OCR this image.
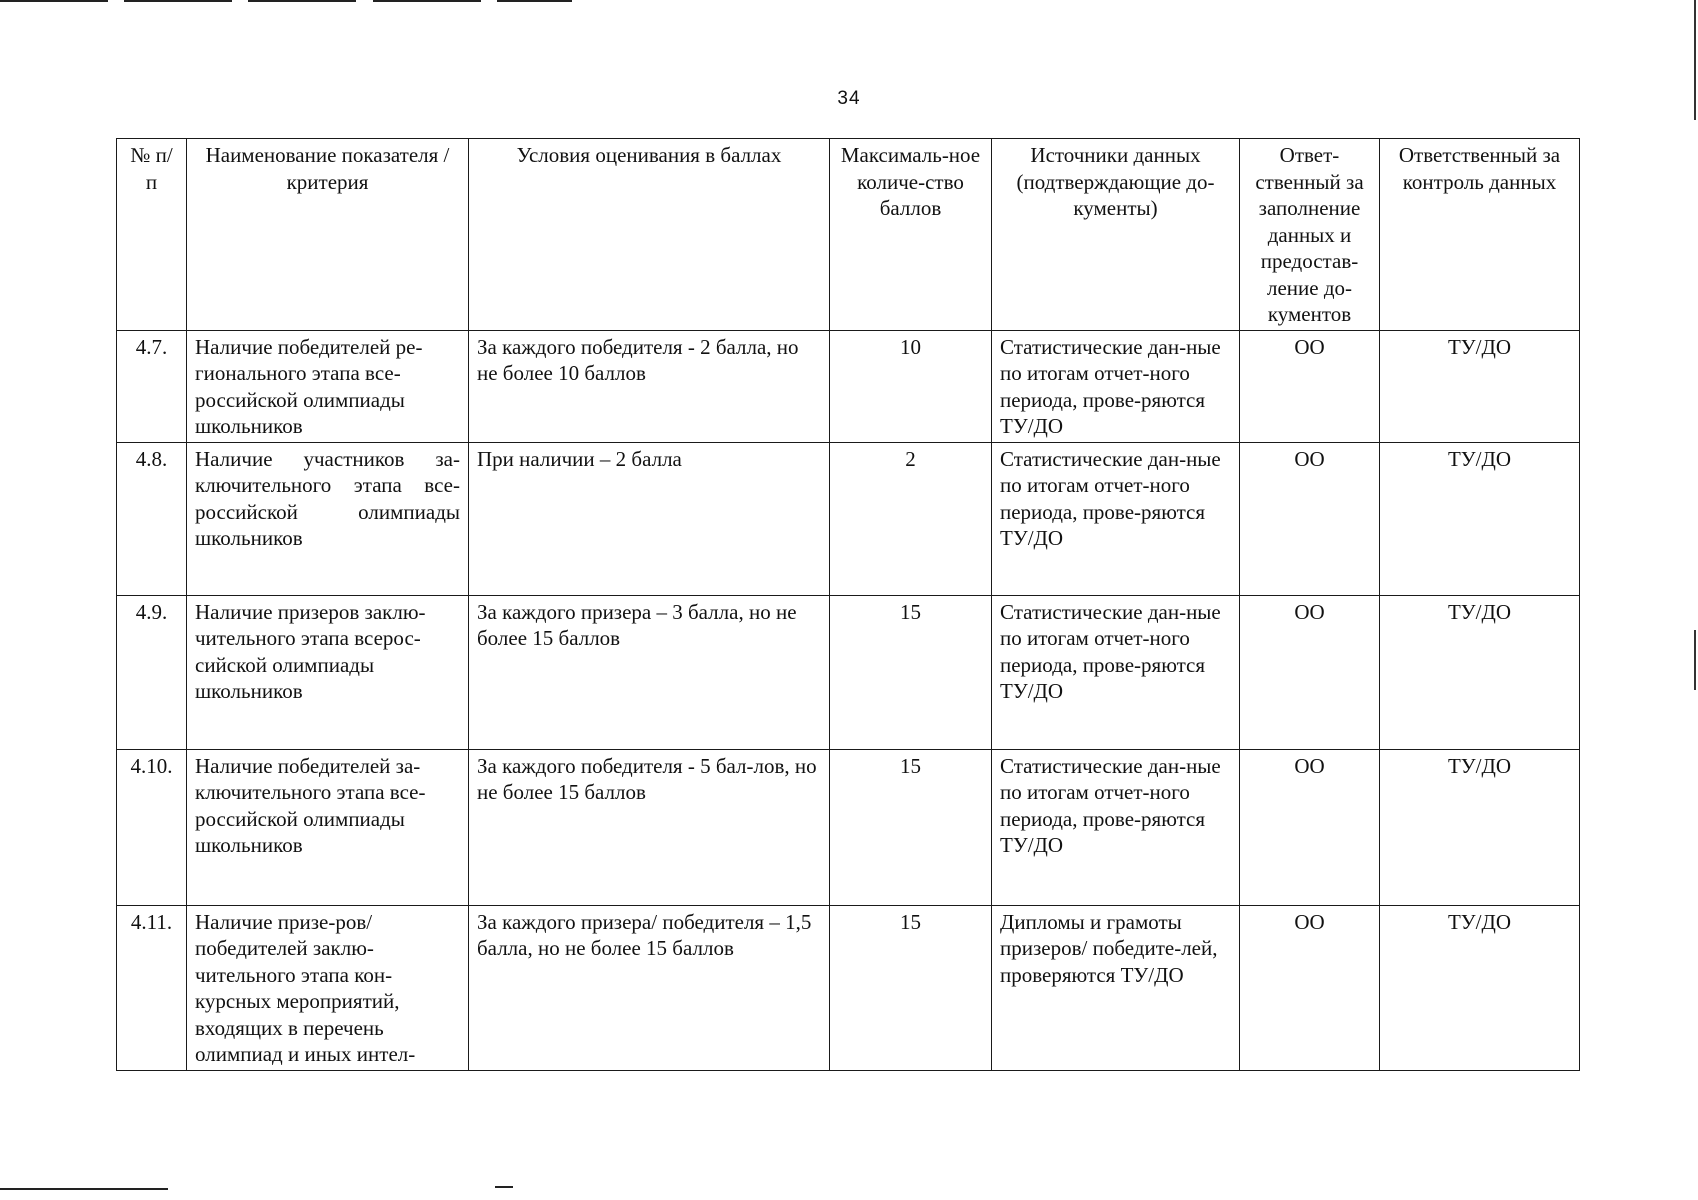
34
№ п/п	Наименование показателя / критерия	Условия оценивания в баллах	Максималь-ное количе-ство баллов	Источники данных (подтверждающие до-кументы)	Ответ-ственный за заполнение данных и предостав-ление до-кументов	Ответственный за контроль данных
4.7.	Наличие победителей ре-гионального этапа все-российской олимпиады школьников	За каждого победителя - 2 балла, но не более 10 баллов	10	Статистические дан-ные по итогам отчет-ного периода, прове-ряются ТУ/ДО	ОО	ТУ/ДО
4.8.	Наличие участников за-ключительного этапа все-российской олимпиады школьников	При наличии – 2 балла	2	Статистические дан-ные по итогам отчет-ного периода, прове-ряются ТУ/ДО	ОО	ТУ/ДО
4.9.	Наличие призеров заклю-чительного этапа всерос-сийской олимпиады школьников	За каждого призера – 3 балла, но не более 15 баллов	15	Статистические дан-ные по итогам отчет-ного периода, прове-ряются ТУ/ДО	ОО	ТУ/ДО
4.10.	Наличие победителей за-ключительного этапа все-российской олимпиады школьников	За каждого победителя - 5 бал-лов, но не более 15 баллов	15	Статистические дан-ные по итогам отчет-ного периода, прове-ряются ТУ/ДО	ОО	ТУ/ДО
4.11.	Наличие призе-ров/победителей заклю-чительного этапа кон-курсных мероприятий, входящих в перечень олимпиад и иных интел-	За каждого призера/ победителя – 1,5 балла, но не более 15 баллов	15	Дипломы и грамоты призеров/ победите-лей, проверяются ТУ/ДО	ОО	ТУ/ДО
